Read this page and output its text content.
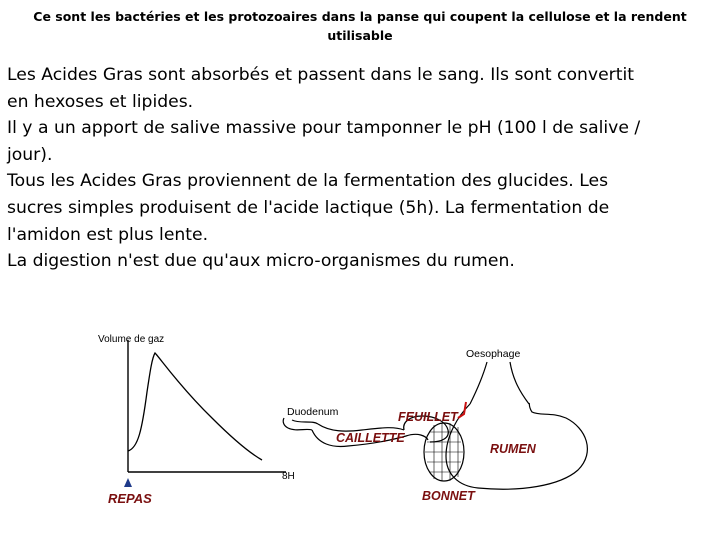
Ce sont les bactéries et les protozoaires dans la panse qui coupent la cellulose et la rendent
utilisable

Les Acides Gras sont absorbés et passent dans le sang. Ils sont convertit

en hexoses et lipides.

Il y a un apport de salive massive pour tamponner le pH (100 l de salive /

jour).

Tous les Acides Gras proviennent de la fermentation des glucides. Les

sucres simples produisent de l'acide lactique (5h). La fermentation de

l'amidon est plus lente.

La digestion n'est due qu'aux micro-organismes du rumen.

Volume de gaz
8H
REPAS
Oesophage
Duodenum	FEUILLET
CAILLETTE
RUMEN
BONNET
